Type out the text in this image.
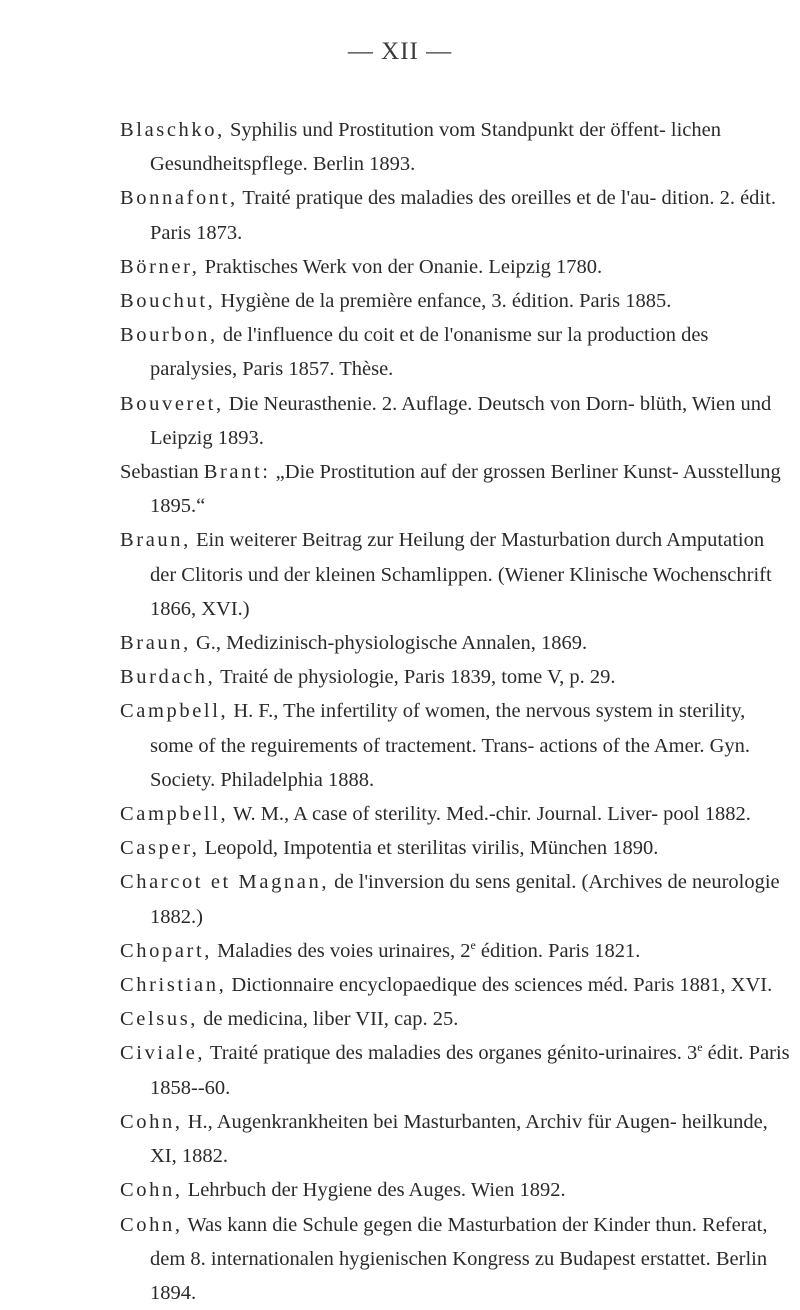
— XII —

Blaschko, Syphilis und Prostitution vom Standpunkt der öffent- lichen Gesundheitspflege. Berlin 1893.

Bonnafont, Traité pratique des maladies des oreilles et de l'au- dition. 2. édit. Paris 1873.

Börner, Praktisches Werk von der Onanie. Leipzig 1780.

Bouchut, Hygiène de la première enfance, 3. édition. Paris 1885.

Bourbon, de l'influence du coit et de l'onanisme sur la production des paralysies, Paris 1857. Thèse.

Bouveret, Die Neurasthenie. 2. Auflage. Deutsch von Dorn- blüth, Wien und Leipzig 1893.

Sebastian Brant: „Die Prostitution auf der grossen Berliner Kunst- Ausstellung 1895.“

Braun, Ein weiterer Beitrag zur Heilung der Masturbation durch Amputation der Clitoris und der kleinen Schamlippen. (Wiener Klinische Wochenschrift 1866, XVI.)

Braun, G., Medizinisch-physiologische Annalen, 1869.

Burdach, Traité de physiologie, Paris 1839, tome V, p. 29.

Campbell, H. F., The infertility of women, the nervous system in sterility, some of the reguirements of tractement. Trans- actions of the Amer. Gyn. Society. Philadelphia 1888.

Campbell, W. M., A case of sterility. Med.-chir. Journal. Liver- pool 1882.

Casper, Leopold, Impotentia et sterilitas virilis, München 1890.

Charcot et Magnan, de l'inversion du sens genital. (Archives de neurologie 1882.)

Chopart, Maladies des voies urinaires, 2e édition. Paris 1821.

Christian, Dictionnaire encyclopaedique des sciences méd. Paris 1881, XVI.

Celsus, de medicina, liber VII, cap. 25.

Civiale, Traité pratique des maladies des organes génito-urinaires. 3e édit. Paris 1858--60.

Cohn, H., Augenkrankheiten bei Masturbanten, Archiv für Augen- heilkunde, XI, 1882.

Cohn, Lehrbuch der Hygiene des Auges. Wien 1892.

Cohn, Was kann die Schule gegen die Masturbation der Kinder thun. Referat, dem 8. internationalen hygienischen Kongress zu Budapest erstattet. Berlin 1894.
